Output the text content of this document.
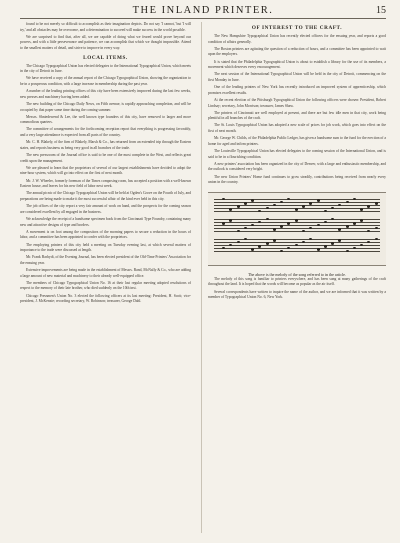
THE INLAND PRINTER.	15

found to be not merely so difficult to accomplish as their imagination depicts. Do not say 'I cannot,' but 'I will try,' and all obstacles may be overcome, and a determination to succeed will make success in the world possible.

We are surprised to find that, after all, we are capable of doing what we feared would prove beyond our powers, and with a little perseverance and patience, we can accomplish that which we thought impossible. Attend to the smallest matters of detail, and strive to improve in every way.

LOCAL ITEMS.

The Chicago Typographical Union has elected delegates to the International Typographical Union, which meets in the city of Detroit in June.

We have received a copy of the annual report of the Chicago Typographical Union, showing the organization to be in a prosperous condition, with a large increase in membership during the past year.

A number of the leading printing offices of this city have been extensively improved during the last few weeks, new presses and machinery having been added.

The new building of the Chicago Daily News, on Fifth avenue, is rapidly approaching completion, and will be occupied by that paper some time during the coming summer.

Messrs. Shniedewend & Lee, the well known type founders of this city, have removed to larger and more commodious quarters.

The committee of arrangements for the forthcoming reception report that everything is progressing favorably, and a very large attendance is expected from all parts of the country.

Mr. C. H. Blakely, of the firm of Blakely, Marsh & Co., has returned from an extended trip through the Eastern states, and reports business as being very good in all branches of the trade.

The new pressroom of the Journal office is said to be one of the most complete in the West, and reflects great credit upon the management.

We are pleased to learn that the proprietors of several of our largest establishments have decided to adopt the nine-hour system, which will go into effect on the first of next month.

Mr. J. W. Wheeler, formerly foreman of the Times composing room, has accepted a position with a well-known Eastern house, and leaves for his new field of labor next week.

The annual picnic of the Chicago Typographical Union will be held at Ogden's Grove on the Fourth of July, and preparations are being made to make it the most successful affair of the kind ever held in this city.

The job offices of the city report a very fair amount of work on hand, and the prospects for the coming season are considered excellent by all engaged in the business.

We acknowledge the receipt of a handsome specimen book from the Cincinnati Type Foundry, containing many new and attractive designs of type and borders.

A movement is on foot among the compositors of the morning papers to secure a reduction in the hours of labor, and a committee has been appointed to confer with the proprietors.

The employing printers of this city held a meeting on Tuesday evening last, at which several matters of importance to the trade were discussed at length.

Mr. Frank Barhydt, of the Evening Journal, has been elected president of the Old-Time Printers' Association for the ensuing year.

Extensive improvements are being made in the establishment of Messrs. Rand, McNally & Co., who are adding a large amount of new material and machinery to their already well-equipped office.

The members of Chicago Typographical Union No. 16 at their last regular meeting adopted resolutions of respect to the memory of their late brother, who died suddenly on the 10th inst.

Chicago Pressmen's Union No. 3 elected the following officers at its last meeting: President, H. Scott; vice-president, J. McKenzie; recording secretary, W. Robinson; treasurer, George Dahl.

OF INTEREST TO THE CRAFT.

The New Hampshire Typographical Union has recently elected officers for the ensuing year, and reports a good condition of affairs generally.

The Boston printers are agitating the question of a reduction of hours, and a committee has been appointed to wait upon the employers.

It is stated that the Philadelphia Typographical Union is about to establish a library for the use of its members, a movement which deserves every encouragement.

The next session of the International Typographical Union will be held in the city of Detroit, commencing on the first Monday in June.

One of the leading printers of New York has recently introduced an improved system of apprenticeship, which promises excellent results.

At the recent election of the Pittsburgh Typographical Union the following officers were chosen: President, Robert Lindsay; secretary, John Morrison; treasurer, James Shaw.

The printers of Cincinnati are well employed at present, and there are but few idle men in that city, work being plentiful in all branches of the craft.

The St. Louis Typographical Union has adopted a new scale of prices for job work, which goes into effect on the first of next month.

Mr. George W. Childs, of the Philadelphia Public Ledger, has given a handsome sum to the fund for the erection of a home for aged and infirm printers.

The Louisville Typographical Union has elected delegates to the coming session of the International Union, and is said to be in a flourishing condition.

A new printers' association has been organized in the city of Denver, with a large and enthusiastic membership, and the outlook is considered very bright.

The new Union Printers' Home fund continues to grow steadily, contributions being received from nearly every union in the country.

The above is the melody of the song referred to in the article.

The melody of this song is familiar to printers everywhere, and has been sung at many gatherings of the craft throughout the land. It is hoped that the words will become as popular as the air itself.

Several correspondents have written to inquire the name of the author, and we are informed that it was written by a member of Typographical Union No. 6, New York.
